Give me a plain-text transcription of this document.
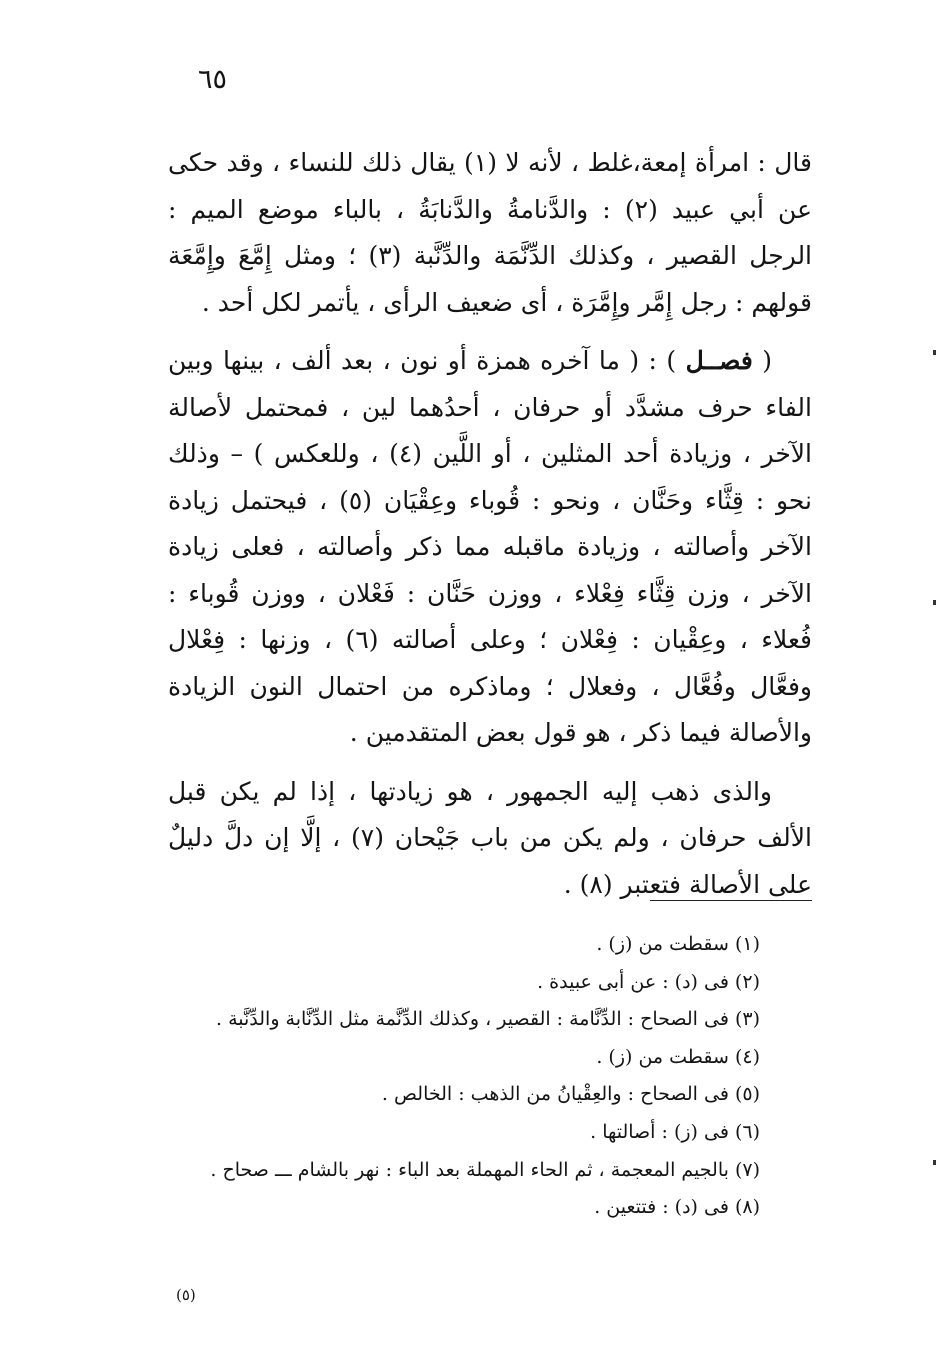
٦٥

قال : امرأة إمعة،غلط ، لأنه لا (١) يقال ذلك للنساء ، وقد حكى عن أبي عبيد (٢) : والدَّنامةُ والدَّنابَةُ ، بالباء موضع الميم : الرجل القصير ، وكذلك الدِّنَّمَة والدِّنَّبة (٣) ؛ ومثل إِمَّعَ وإِمَّعَة قولهم : رجل إِمَّر وإِمَّرَة ، أى ضعيف الرأى ، يأتمر لكل أحد .

( فصــل ) : ( ما آخره همزة أو نون ، بعد ألف ، بينها وبين الفاء حرف مشدَّد أو حرفان ، أحدُهما لين ، فمحتمل لأصالة الآخر ، وزيادة أحد المثلين ، أو اللَّين (٤) ، وللعكس ) – وذلك نحو : قِثَّاء وحَنَّان ، ونحو : قُوباء وعِقْيَان (٥) ، فيحتمل زيادة الآخر وأصالته ، وزيادة ماقبله مما ذكر وأصالته ، فعلى زيادة الآخر ، وزن قِثَّاء فِعْلاء ، ووزن حَنَّان : فَعْلان ، ووزن قُوباء : فُعلاء ، وعِقْيان : فِعْلان ؛ وعلى أصالته (٦) ، وزنها : فِعْلال وفعَّال وفُعَّال ، وفعلال ؛ وماذكره من احتمال النون الزيادة والأصالة فيما ذكر ، هو قول بعض المتقدمين .

والذى ذهب إليه الجمهور ، هو زيادتها ، إذا لم يكن قبل الألف حرفان ، ولم يكن من باب جَيْحان (٧) ، إلَّا إن دلَّ دليلٌ على الأصالة فتعتبر (٨) .

(١) سقطت من (ز) .
(٢) فى (د) : عن أبى عبيدة .
(٣) فى الصحاح : الدِّنَّامة : القصير ، وكذلك الدِّنَّمة مثل الدِّنَّابة والدِّنَّبة .
(٤) سقطت من (ز) .
(٥) فى الصحاح : والعِقْيانُ من الذهب : الخالص .
(٦) فى (ز) : أصالتها .
(٧) بالجيم المعجمة ، ثم الحاء المهملة بعد الباء : نهر بالشام ـــ صحاح .
(٨) فى (د) : فتتعين .
(٥)
